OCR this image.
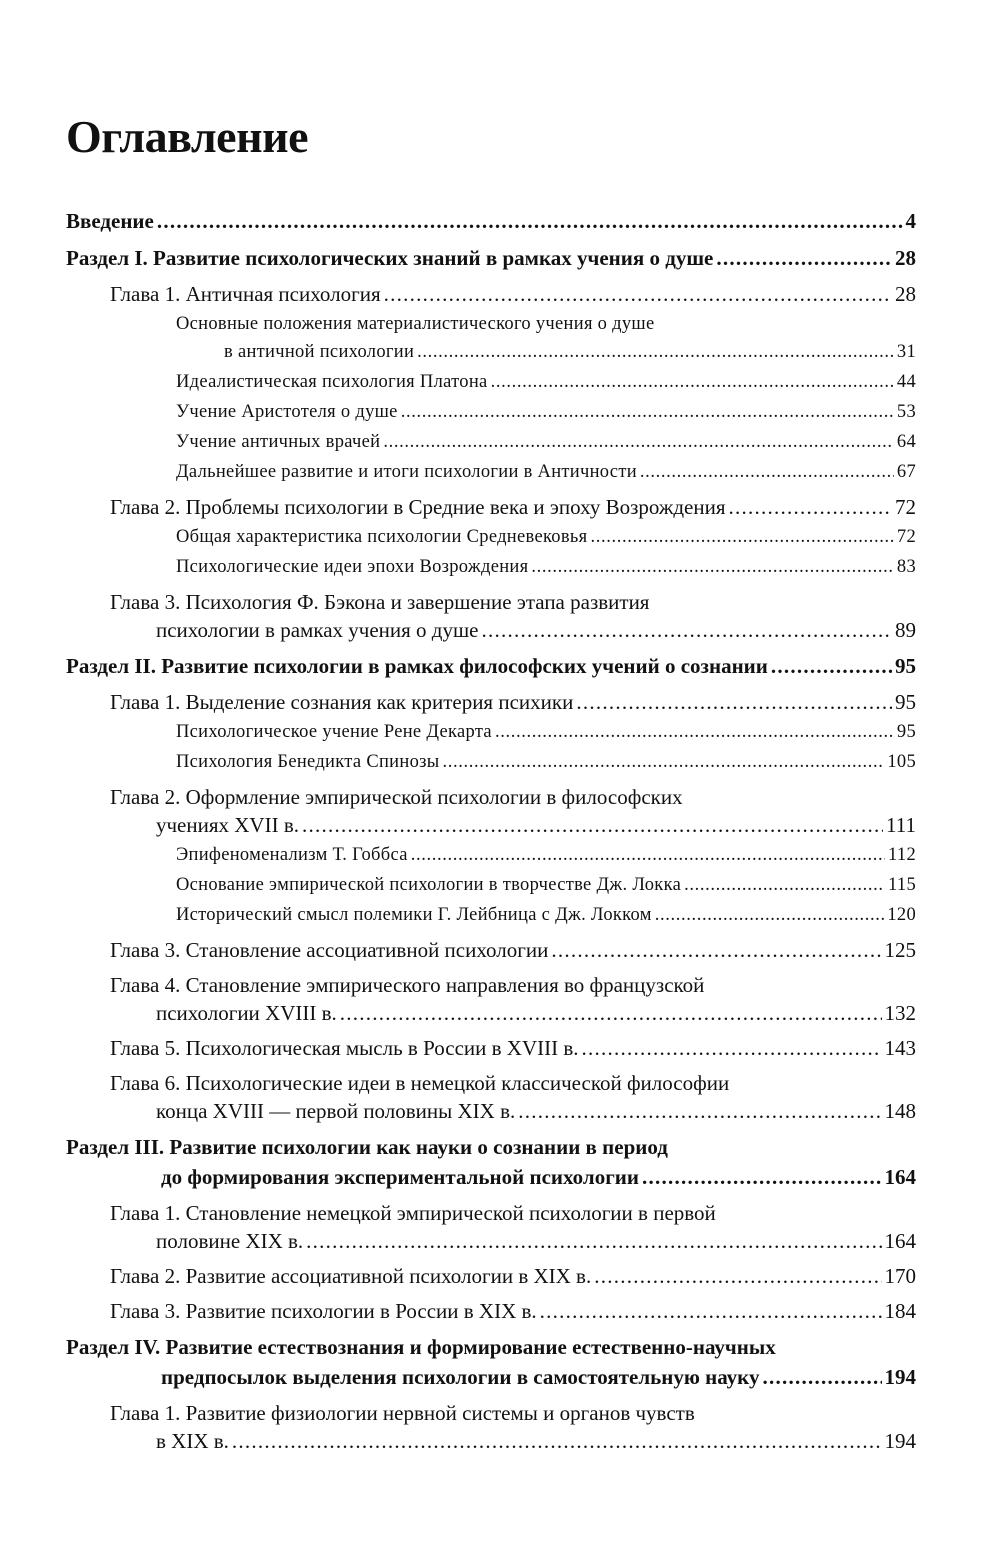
Оглавление
Введение . . .	4
Раздел I. Развитие психологических знаний в рамках учения о душе . . .	28
Глава 1. Античная психология . . .	28
Основные положения материалистического учения о душе
в античной психологии . . .	31
Идеалистическая психология Платона . . .	44
Учение Аристотеля о душе . . .	53
Учение античных врачей . . .	64
Дальнейшее развитие и итоги психологии в Античности . . .	67
Глава 2. Проблемы психологии в Средние века и эпоху Возрождения . . .	72
Общая характеристика психологии Средневековья . . .	72
Психологические идеи эпохи Возрождения . . .	83
Глава 3. Психология Ф. Бэкона и завершение этапа развития
психологии в рамках учения о душе . . .	89
Раздел II. Развитие психологии в рамках философских учений о сознании . . .	95
Глава 1. Выделение сознания как критерия психики . . .	95
Психологическое учение Рене Декарта . . .	95
Психология Бенедикта Спинозы . . .	105
Глава 2. Оформление эмпирической психологии в философских
учениях XVII в. . . .	111
Эпифеноменализм Т. Гоббса . . .	112
Основание эмпирической психологии в творчестве Дж. Локка . . .	115
Исторический смысл полемики Г. Лейбница с Дж. Локком . . .	120
Глава 3. Становление ассоциативной психологии . . .	125
Глава 4. Становление эмпирического направления во французской
психологии XVIII в. . . .	132
Глава 5. Психологическая мысль в России в XVIII в. . . .	143
Глава 6. Психологические идеи в немецкой классической философии
конца XVIII — первой половины XIX в. . . .	148
Раздел III. Развитие психологии как науки о сознании в период
до формирования экспериментальной психологии . . .	164
Глава 1. Становление немецкой эмпирической психологии в первой
половине XIX в. . . .	164
Глава 2. Развитие ассоциативной психологии в XIX в. . . .	170
Глава 3. Развитие психологии в России в XIX в. . . .	184
Раздел IV. Развитие естествознания и формирование естественно-научных
предпосылок выделения психологии в самостоятельную науку . . .	194
Глава 1. Развитие физиологии нервной системы и органов чувств
в XIX в. . . .	194
